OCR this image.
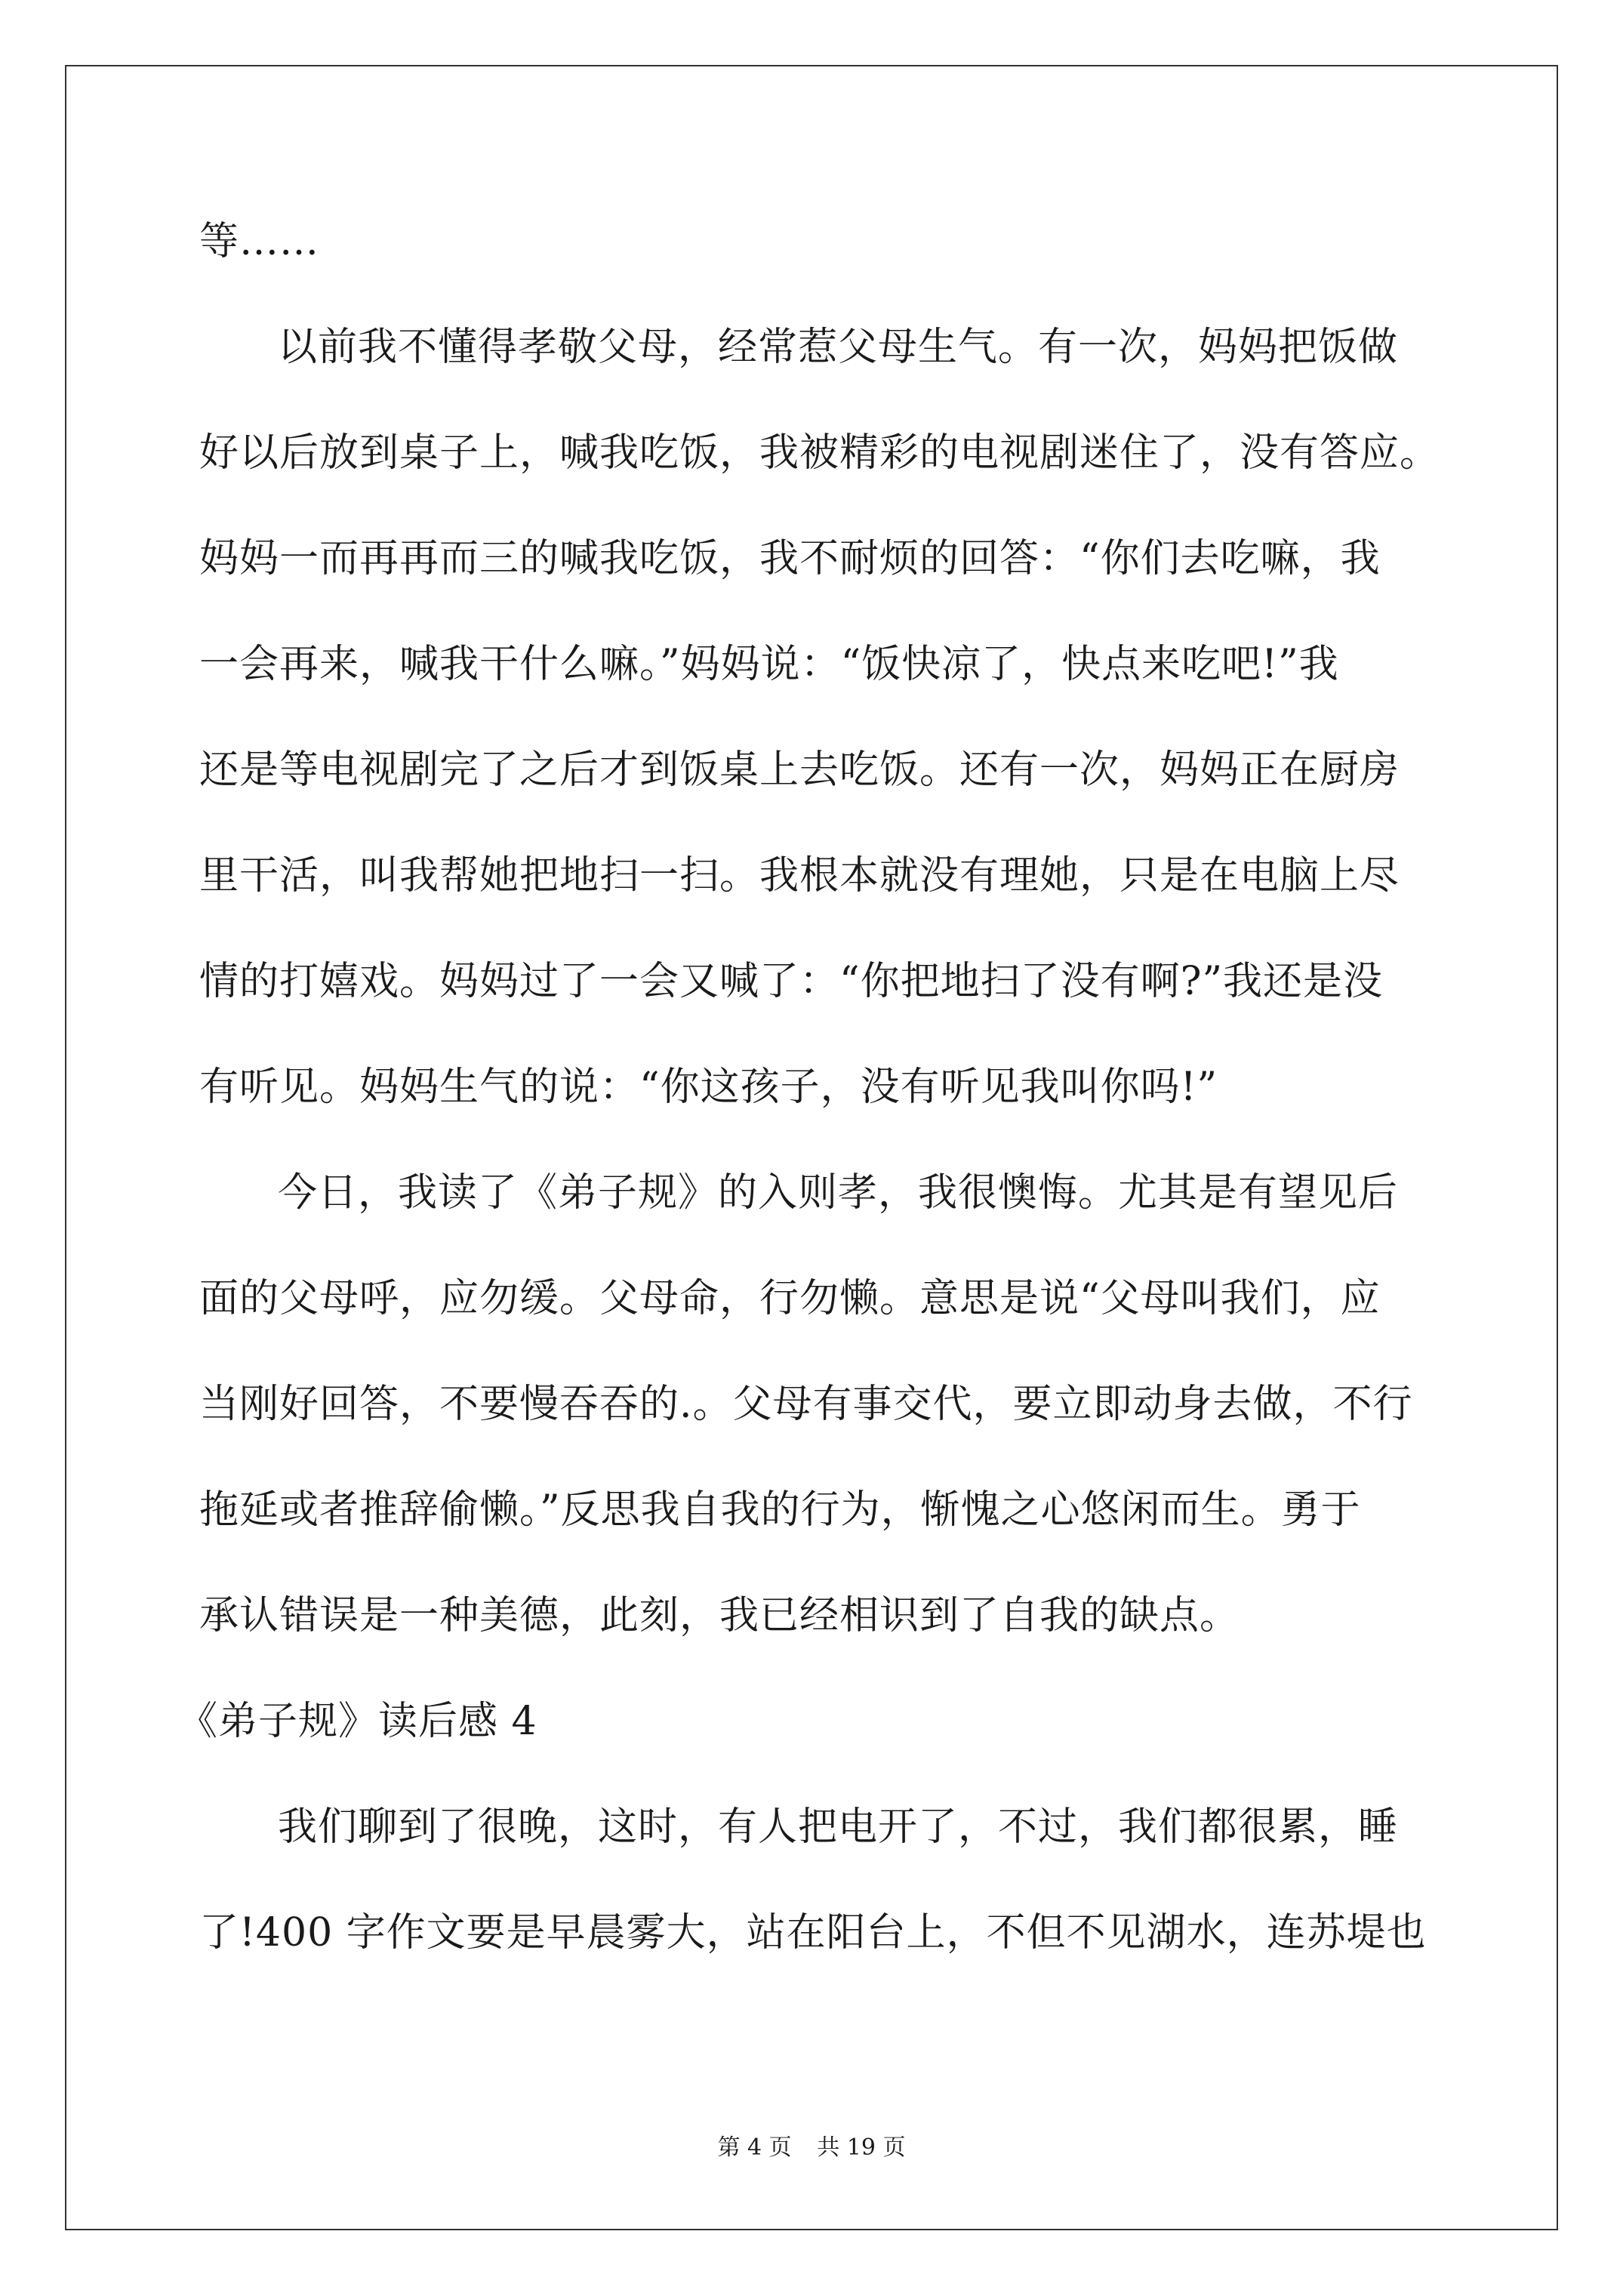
等……
以前我不懂得孝敬父母，经常惹父母生气。有一次，妈妈把饭做
好以后放到桌子上，喊我吃饭，我被精彩的电视剧迷住了，没有答应。
妈妈一而再再而三的喊我吃饭，我不耐烦的回答：“你们去吃嘛，我
一会再来，喊我干什么嘛。”妈妈说：“饭快凉了，快点来吃吧!”我
还是等电视剧完了之后才到饭桌上去吃饭。还有一次，妈妈正在厨房
里干活，叫我帮她把地扫一扫。我根本就没有理她，只是在电脑上尽
情的打嬉戏。妈妈过了一会又喊了：“你把地扫了没有啊?”我还是没
有听见。妈妈生气的说：“你这孩子，没有听见我叫你吗!”
今日，我读了《弟子规》的入则孝，我很懊悔。尤其是有望见后
面的父母呼，应勿缓。父母命，行勿懒。意思是说“父母叫我们，应
当刚好回答，不要慢吞吞的.。父母有事交代，要立即动身去做，不行
拖延或者推辞偷懒。”反思我自我的行为，惭愧之心悠闲而生。勇于
承认错误是一种美德，此刻，我已经相识到了自我的缺点。
《弟子规》读后感 4
我们聊到了很晚，这时，有人把电开了，不过，我们都很累，睡
了!400 字作文要是早晨雾大，站在阳台上，不但不见湖水，连苏堤也
第 4 页 共 19 页
